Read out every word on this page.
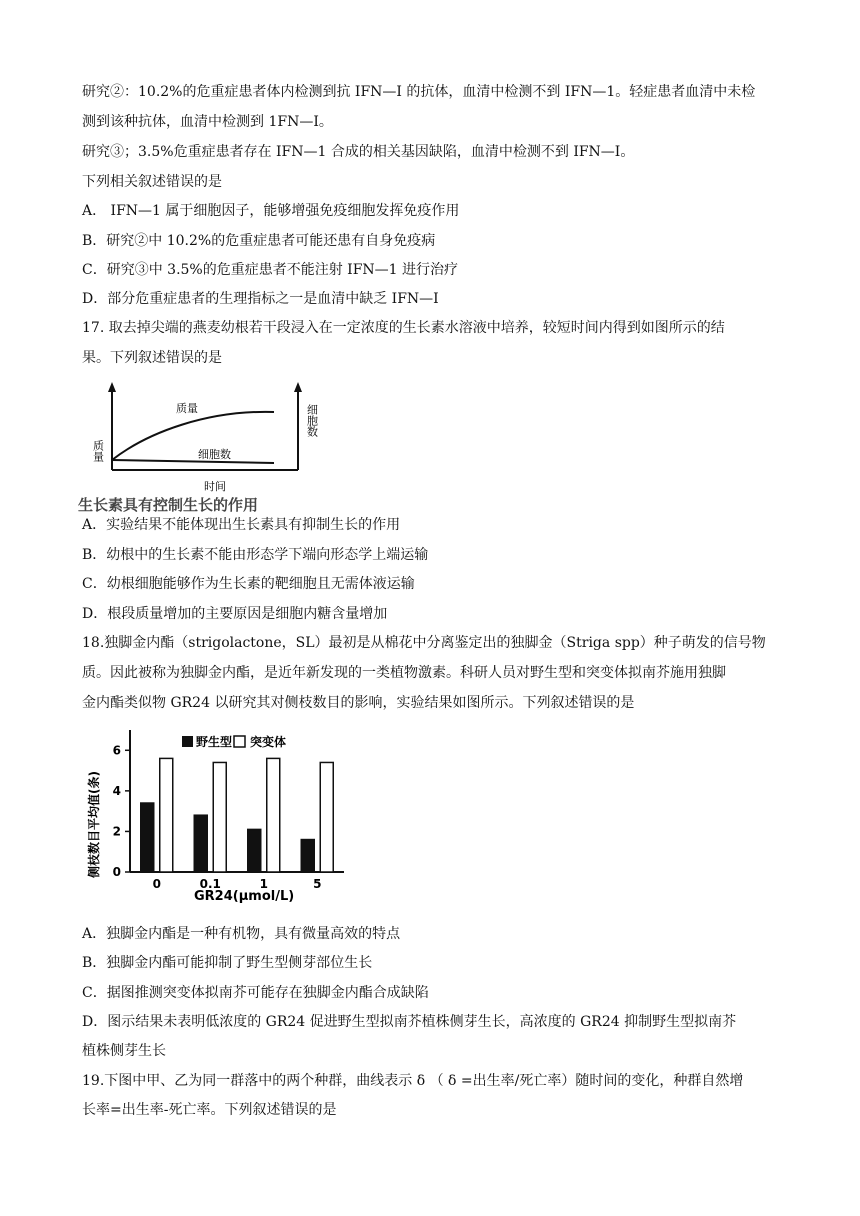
研究②：10.2%的危重症患者体内检测到抗 IFN—I 的抗体，血清中检测不到 IFN—1。轻症患者血清中未检
测到该种抗体，血清中检测到 1FN—I。
研究③；3.5%危重症患者存在 IFN—1 合成的相关基因缺陷，血清中检测不到 IFN—I。
下列相关叙述错误的是
A． IFN—1 属于细胞因子，能够增强免疫细胞发挥免疫作用
B．研究②中 10.2%的危重症患者可能还患有自身免疫病
C．研究③中 3.5%的危重症患者不能注射 IFN—1 进行治疗
D．部分危重症患者的生理指标之一是血清中缺乏 IFN—I
17. 取去掉尖端的燕麦幼根若干段浸入在一定浓度的生长素水溶液中培养，较短时间内得到如图所示的结
果。下列叙述错误的是
质量
细胞数
质量
细胞数
时间
生长素具有控制生长的作用
A．实验结果不能体现出生长素具有抑制生长的作用
B．幼根中的生长素不能由形态学下端向形态学上端运输
C．幼根细胞能够作为生长素的靶细胞且无需体液运输
D．根段质量增加的主要原因是细胞内糖含量增加
18.独脚金内酯（strigolactone，SL）最初是从棉花中分离鉴定出的独脚金（Striga spp）种子萌发的信号物
质。因此被称为独脚金内酯，是近年新发现的一类植物激素。科研人员对野生型和突变体拟南芥施用独脚
金内酯类似物 GR24 以研究其对侧枝数目的影响，实验结果如图所示。下列叙述错误的是
野生型 突变体
侧枝数目平均值(条)
GR24(μmol/L)
0
2
4
6
0	0.1	1	5
A．独脚金内酯是一种有机物，具有微量高效的特点
B．独脚金内酯可能抑制了野生型侧芽部位生长
C．据图推测突变体拟南芥可能存在独脚金内酯合成缺陷
D．图示结果未表明低浓度的 GR24 促进野生型拟南芥植株侧芽生长，高浓度的 GR24 抑制野生型拟南芥
植株侧芽生长
19.下图中甲、乙为同一群落中的两个种群，曲线表示 δ （ δ =出生率/死亡率）随时间的变化，种群自然增
长率=出生率-死亡率。下列叙述错误的是
